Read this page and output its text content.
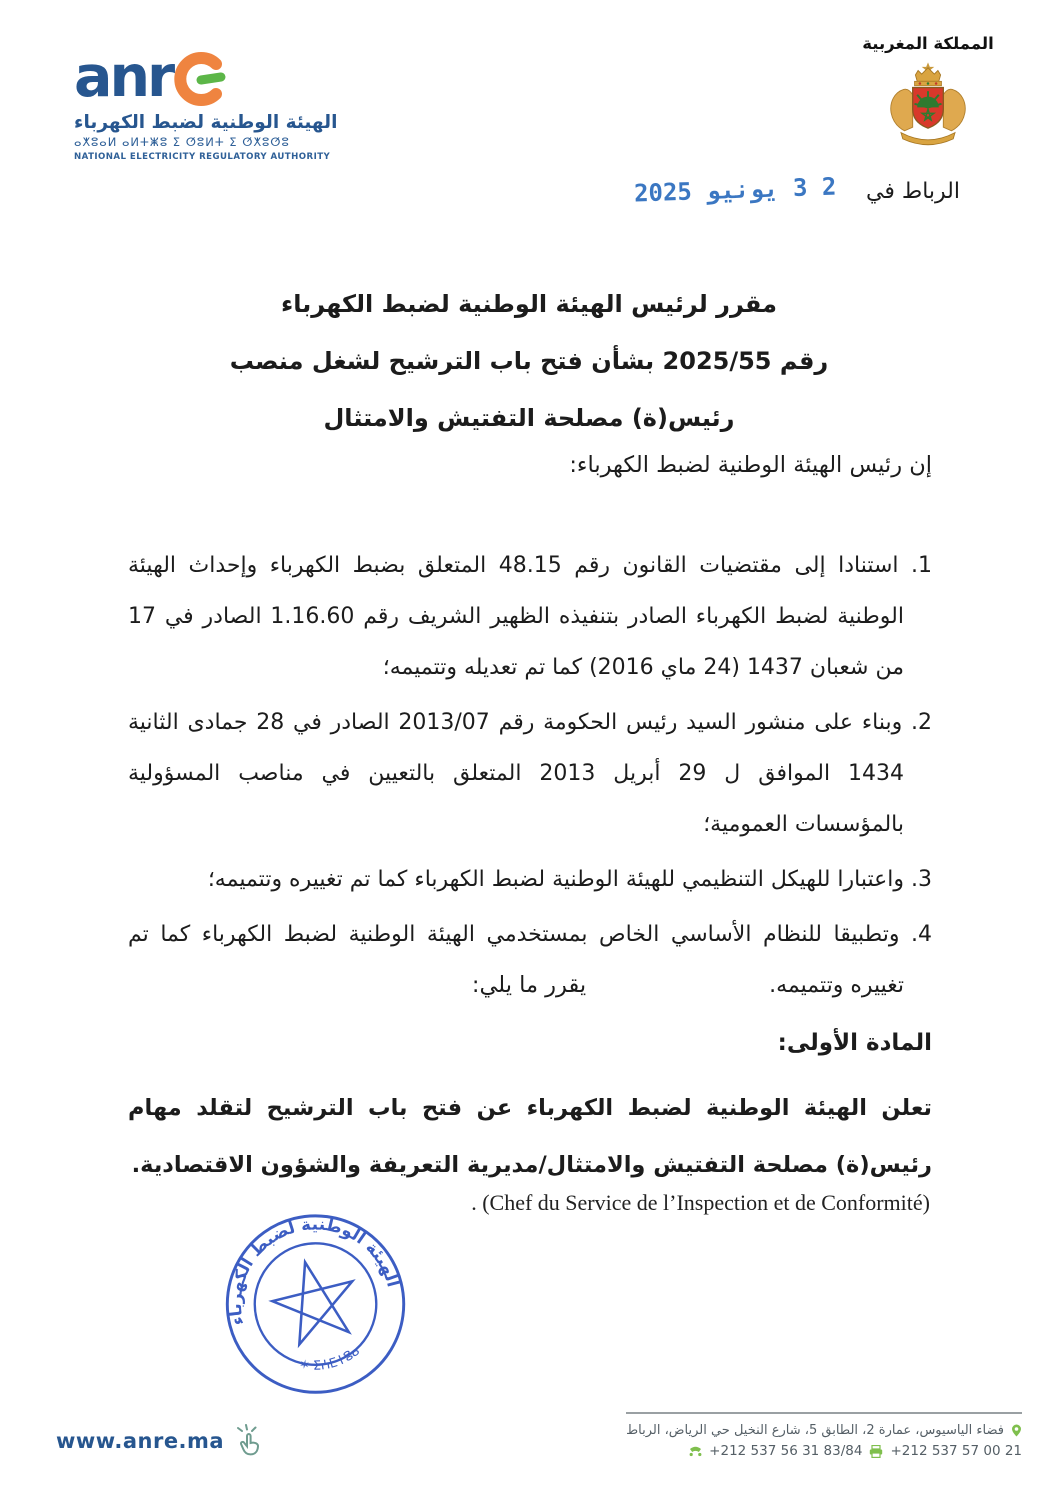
anr
الهيئة الوطنية لضبط الكهرباء
ⴰⵅⵓⴰⵍ ⴰⵍⵜⵥⵓ ⵉ ⵚⵓⵍⵜ ⵉ ⵚⵅⵓⵚⵓ
NATIONAL ELECTRICITY REGULATORY AUTHORITY
المملكة المغربية
الرباط في
2 3 يونيو 2025
مقرر لرئيس الهيئة الوطنية لضبط الكهرباء
رقم 2025/55 بشأن فتح باب الترشيح لشغل منصب
رئيس(ة) مصلحة التفتيش والامتثال
إن رئيس الهيئة الوطنية لضبط الكهرباء:

1. استنادا إلى مقتضيات القانون رقم 48.15 المتعلق بضبط الكهرباء وإحداث الهيئة الوطنية لضبط الكهرباء الصادر بتنفيذه الظهير الشريف رقم 1.16.60 الصادر في 17 من شعبان 1437 (24 ماي 2016) كما تم تعديله وتتميمه؛

2. وبناء على منشور السيد رئيس الحكومة رقم 2013/07 الصادر في 28 جمادى الثانية 1434 الموافق ل 29 أبريل 2013 المتعلق بالتعيين في مناصب المسؤولية بالمؤسسات العمومية؛

3. واعتبارا للهيكل التنظيمي للهيئة الوطنية لضبط الكهرباء كما تم تغييره وتتميمه؛

4. وتطبيقا للنظام الأساسي الخاص بمستخدمي الهيئة الوطنية لضبط الكهرباء كما تم تغييره وتتميمه.

يقرر ما يلي:
المادة الأولى:

تعلن الهيئة الوطنية لضبط الكهرباء عن فتح باب الترشيح لتقلد مهام رئيس(ة) مصلحة التفتيش والامتثال/مديرية التعريفة والشؤون الاقتصادية.

. (Chef du Service de l’Inspection et de Conformité)
الهيئة الوطنية لضبط الكهرباء
✶ ⵉⵄⵎⵜⵓⴰ
www.anre.ma	فضاء الياسيوس، عمارة 2، الطابق 5، شارع النخيل حي الرياض، الرباط
+212 537 57 00 21
+212 537 56 31 83/84
